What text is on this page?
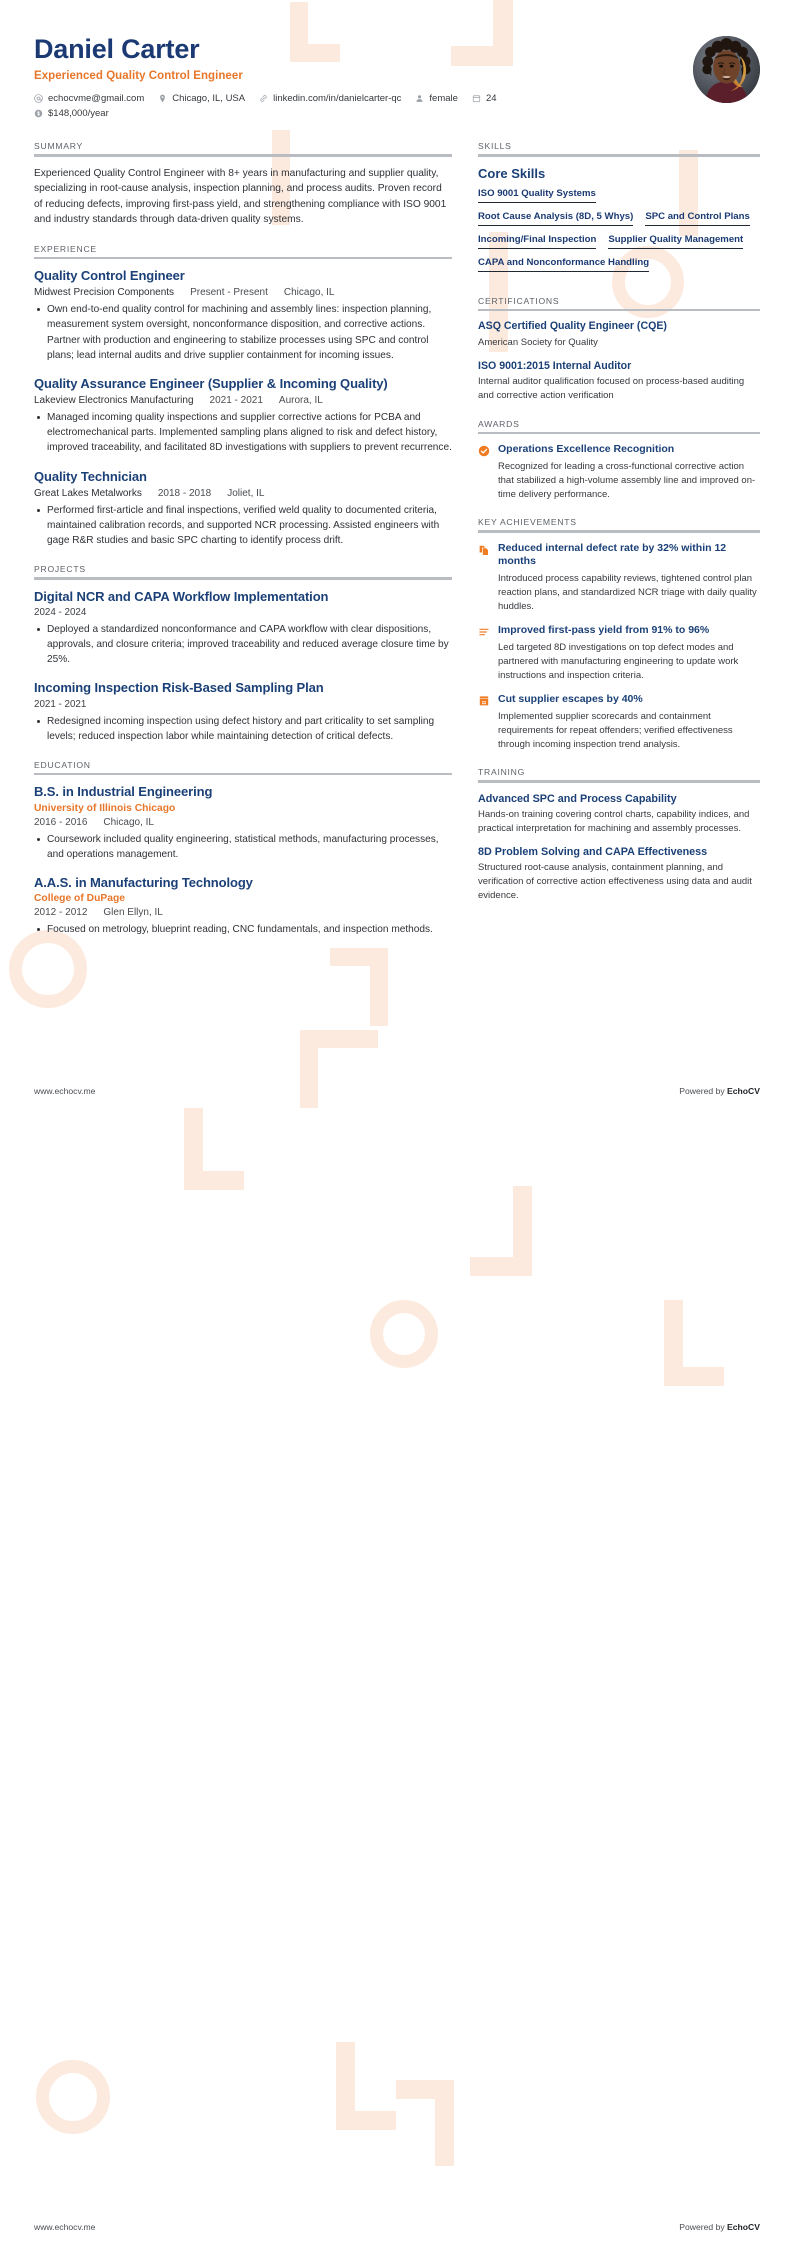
Daniel Carter
Experienced Quality Control Engineer
echocvme@gmail.com	Chicago, IL, USA	linkedin.com/in/danielcarter-qc	female	24
$148,000/year
SUMMARY
Experienced Quality Control Engineer with 8+ years in manufacturing and supplier quality, specializing in root-cause analysis, inspection planning, and process audits. Proven record of reducing defects, improving first-pass yield, and strengthening compliance with ISO 9001 and industry standards through data-driven quality systems.
EXPERIENCE
Quality Control Engineer
Midwest Precision Components Present - Present Chicago, IL
Own end-to-end quality control for machining and assembly lines: inspection planning, measurement system oversight, nonconformance disposition, and corrective actions. Partner with production and engineering to stabilize processes using SPC and control plans; lead internal audits and drive supplier containment for incoming issues.
Quality Assurance Engineer (Supplier & Incoming Quality)
Lakeview Electronics Manufacturing 2021 - 2021 Aurora, IL
Managed incoming quality inspections and supplier corrective actions for PCBA and electromechanical parts. Implemented sampling plans aligned to risk and defect history, improved traceability, and facilitated 8D investigations with suppliers to prevent recurrence.
Quality Technician
Great Lakes Metalworks 2018 - 2018 Joliet, IL
Performed first-article and final inspections, verified weld quality to documented criteria, maintained calibration records, and supported NCR processing. Assisted engineers with gage R&R studies and basic SPC charting to identify process drift.
PROJECTS
Digital NCR and CAPA Workflow Implementation
2024 - 2024
Deployed a standardized nonconformance and CAPA workflow with clear dispositions, approvals, and closure criteria; improved traceability and reduced average closure time by 25%.
Incoming Inspection Risk-Based Sampling Plan
2021 - 2021
Redesigned incoming inspection using defect history and part criticality to set sampling levels; reduced inspection labor while maintaining detection of critical defects.
EDUCATION
B.S. in Industrial Engineering
University of Illinois Chicago
2016 - 2016 Chicago, IL
Coursework included quality engineering, statistical methods, manufacturing processes, and operations management.
A.A.S. in Manufacturing Technology
College of DuPage
2012 - 2012 Glen Ellyn, IL
Focused on metrology, blueprint reading, CNC fundamentals, and inspection methods.
SKILLS
Core Skills
ISO 9001 Quality Systems
Root Cause Analysis (8D, 5 Whys) SPC and Control Plans
Incoming/Final Inspection Supplier Quality Management
CAPA and Nonconformance Handling
CERTIFICATIONS
ASQ Certified Quality Engineer (CQE)
American Society for Quality
ISO 9001:2015 Internal Auditor
Internal auditor qualification focused on process-based auditing and corrective action verification
AWARDS
Operations Excellence Recognition
Recognized for leading a cross-functional corrective action that stabilized a high-volume assembly line and improved on-time delivery performance.
KEY ACHIEVEMENTS
Reduced internal defect rate by 32% within 12 months
Introduced process capability reviews, tightened control plan reaction plans, and standardized NCR triage with daily quality huddles.
Improved first-pass yield from 91% to 96%
Led targeted 8D investigations on top defect modes and partnered with manufacturing engineering to update work instructions and inspection criteria.
Cut supplier escapes by 40%
Implemented supplier scorecards and containment requirements for repeat offenders; verified effectiveness through incoming inspection trend analysis.
TRAINING
Advanced SPC and Process Capability
Hands-on training covering control charts, capability indices, and practical interpretation for machining and assembly processes.
8D Problem Solving and CAPA Effectiveness
Structured root-cause analysis, containment planning, and verification of corrective action effectiveness using data and audit evidence.
www.echocv.me	Powered by EchoCV
www.echocv.me	Powered by EchoCV
